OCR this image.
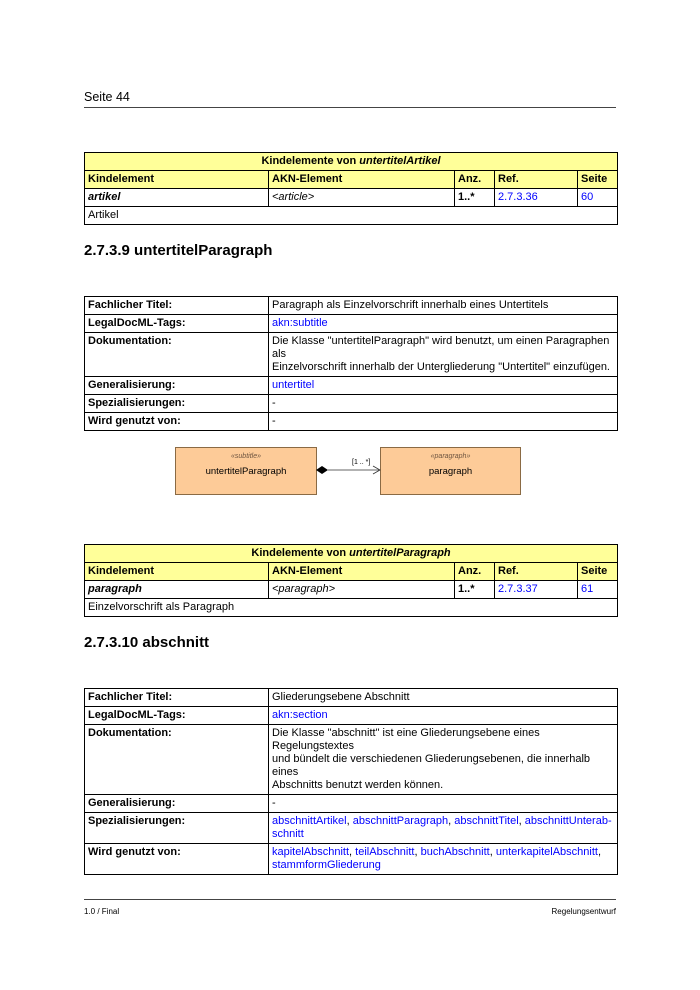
Seite 44
Kindelemente von untertitelArtikel				
Kindelement	AKN-Element	Anz.	Ref.	Seite
artikel	<article>	1..*	2.7.3.36	60
Artikel				
2.7.3.9 untertitelParagraph
Fachlicher Titel:	Paragraph als Einzelvorschrift innerhalb eines Untertitels
LegalDocML-Tags:	akn:subtitle
Dokumentation:	Die Klasse "untertitelParagraph" wird benutzt, um einen Paragraphen als
Einzelvorschrift innerhalb der Untergliederung "Untertitel" einzufügen.
Generalisierung:	untertitel
Spezialisierungen:	-
Wird genutzt von:	-
«subtitle»
untertitelParagraph
«paragraph»
paragraph
[1 .. *]
Kindelemente von untertitelParagraph				
Kindelement	AKN-Element	Anz.	Ref.	Seite
paragraph	<paragraph>	1..*	2.7.3.37	61
Einzelvorschrift als Paragraph				
2.7.3.10 abschnitt
Fachlicher Titel:	Gliederungsebene Abschnitt
LegalDocML-Tags:	akn:section
Dokumentation:	Die Klasse "abschnitt" ist eine Gliederungsebene eines Regelungstextes
und bündelt die verschiedenen Gliederungsebenen, die innerhalb eines
Abschnitts benutzt werden können.
Generalisierung:	-
Spezialisierungen:	abschnittArtikel, abschnittParagraph, abschnittTitel, abschnittUnterab-
schnitt
Wird genutzt von:	kapitelAbschnitt, teilAbschnitt, buchAbschnitt, unterkapitelAbschnitt,
stammformGliederung
1.0 / Final	Regelungsentwurf
